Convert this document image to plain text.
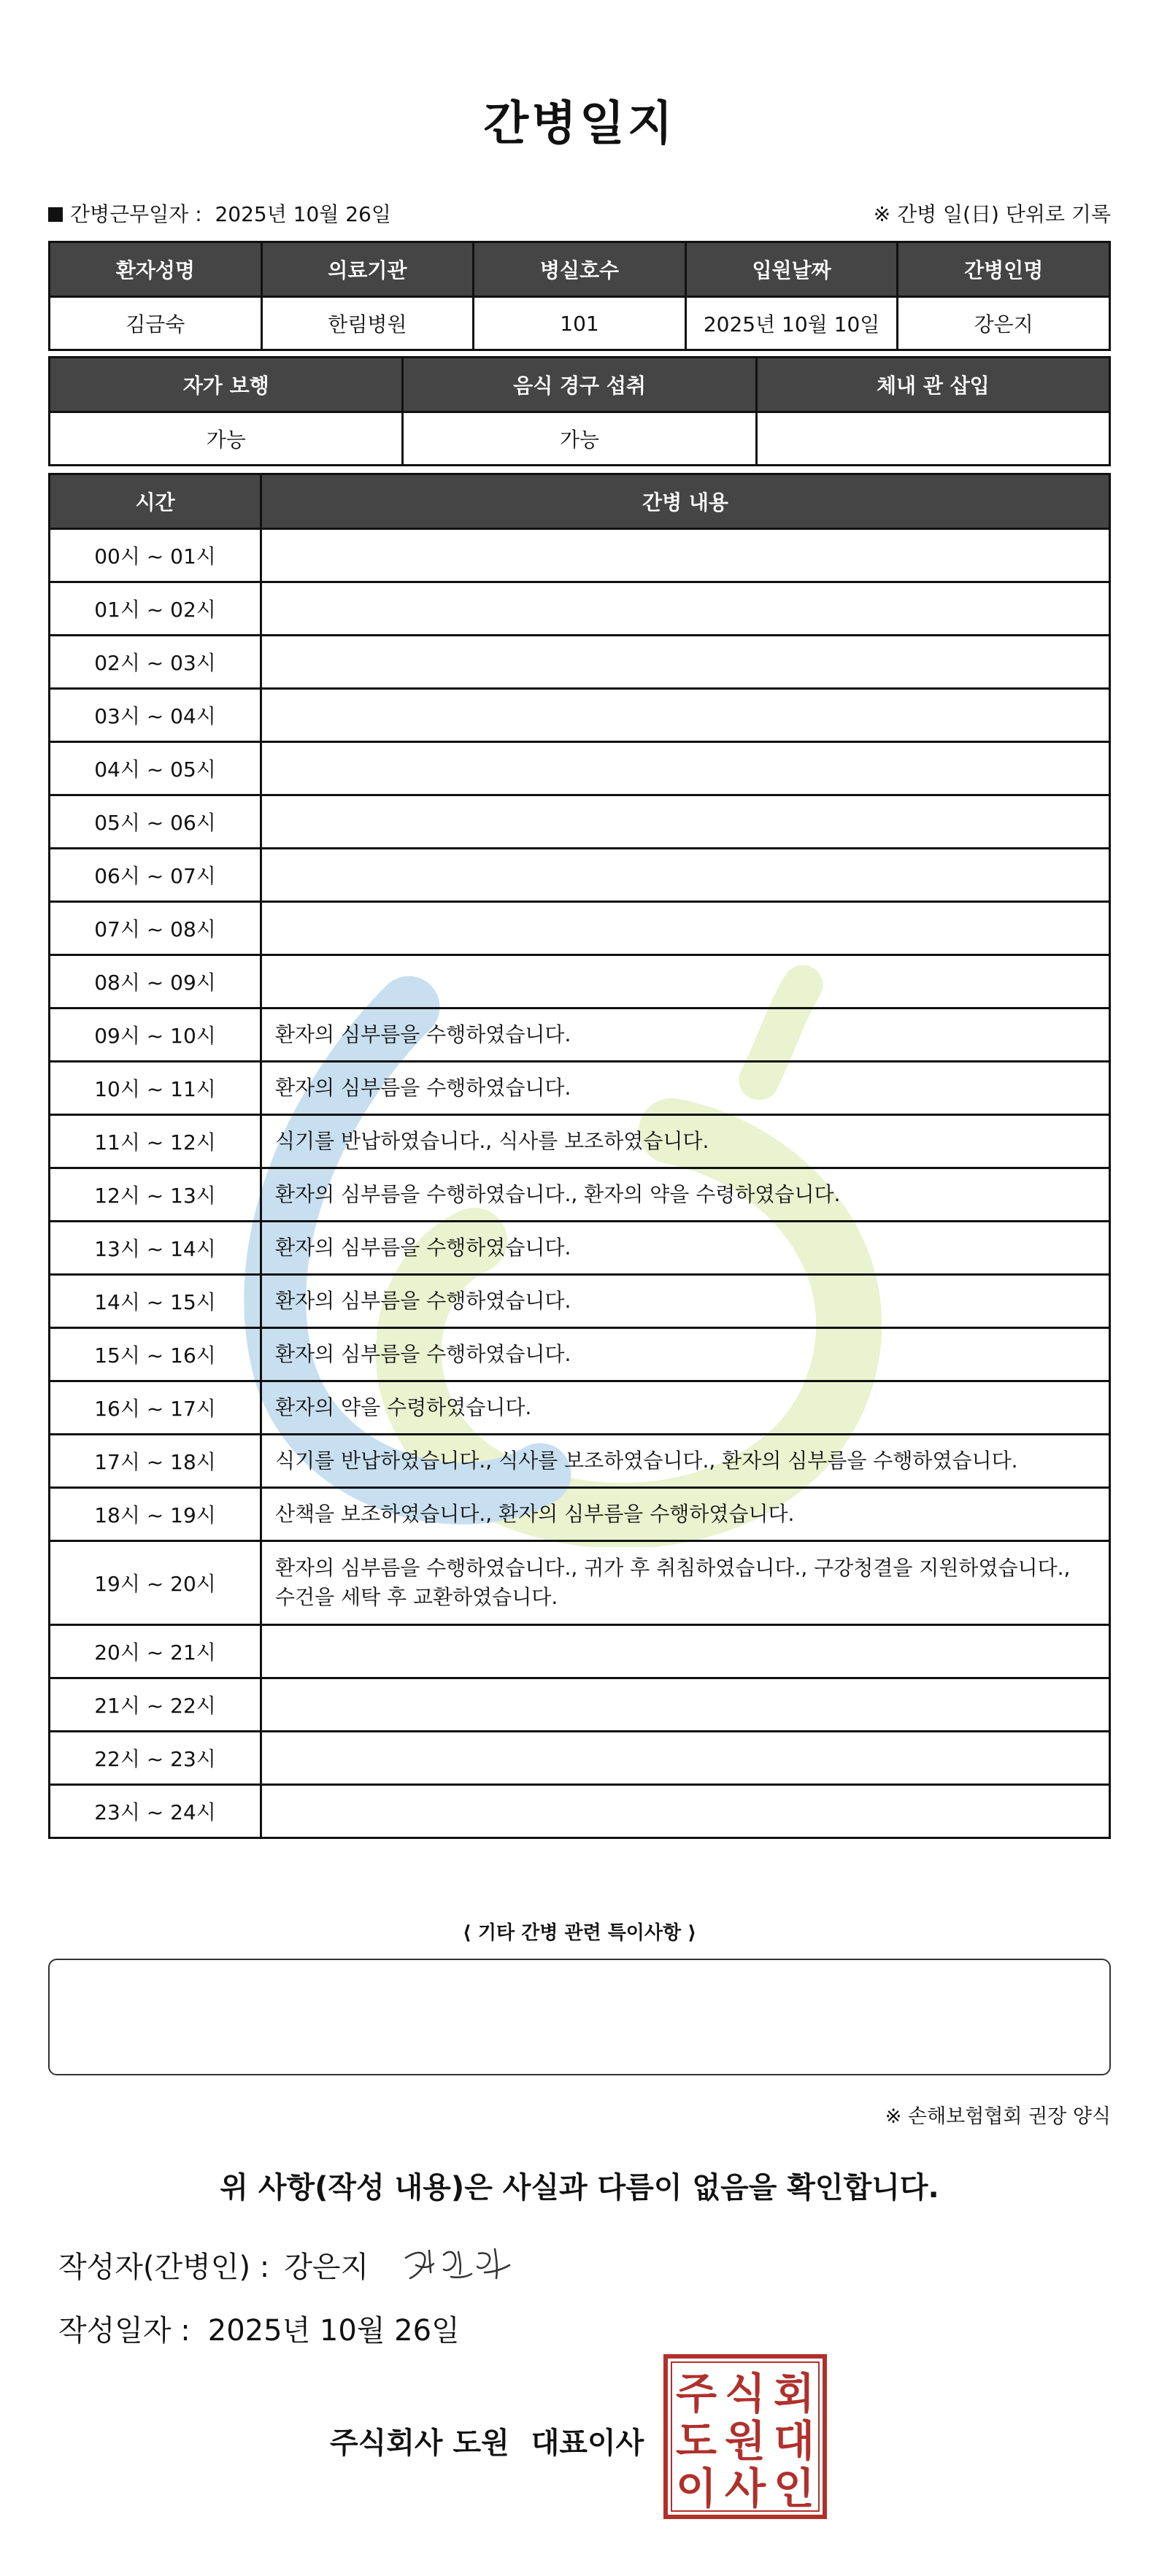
간병일지
간병근무일자 : 2025년 10월 26일	※ 간병 일(日) 단위로 기록
환자성명	의료기관	병실호수	입원날짜	간병인명
김금숙	한림병원	101	2025년 10월 10일	강은지
자가 보행	음식 경구 섭취	체내 관 삽입
가능	가능	
시간	간병 내용
00시 ~ 01시	
01시 ~ 02시	
02시 ~ 03시	
03시 ~ 04시	
04시 ~ 05시	
05시 ~ 06시	
06시 ~ 07시	
07시 ~ 08시	
08시 ~ 09시	
09시 ~ 10시	환자의 심부름을 수행하였습니다.
10시 ~ 11시	환자의 심부름을 수행하였습니다.
11시 ~ 12시	식기를 반납하였습니다., 식사를 보조하였습니다.
12시 ~ 13시	환자의 심부름을 수행하였습니다., 환자의 약을 수령하였습니다.
13시 ~ 14시	환자의 심부름을 수행하였습니다.
14시 ~ 15시	환자의 심부름을 수행하였습니다.
15시 ~ 16시	환자의 심부름을 수행하였습니다.
16시 ~ 17시	환자의 약을 수령하였습니다.
17시 ~ 18시	식기를 반납하였습니다., 식사를 보조하였습니다., 환자의 심부름을 수행하였습니다.
18시 ~ 19시	산책을 보조하였습니다., 환자의 심부름을 수행하였습니다.
19시 ~ 20시	환자의 심부름을 수행하였습니다., 귀가 후 취침하였습니다., 구강청결을 지원하였습니다., 수건을 세탁 후 교환하였습니다.
20시 ~ 21시	
21시 ~ 22시	
22시 ~ 23시	
23시 ~ 24시	
⟨ 기타 간병 관련 특이사항 ⟩
※ 손해보험협회 권장 양식
위 사항(작성 내용)은 사실과 다름이 없음을 확인합니다.
작성자(간병인) : 강은지
작성일자 : 2025년 10월 26일
주식회사 도원 대표이사
주 식 회
도 원 대
이 사 인
